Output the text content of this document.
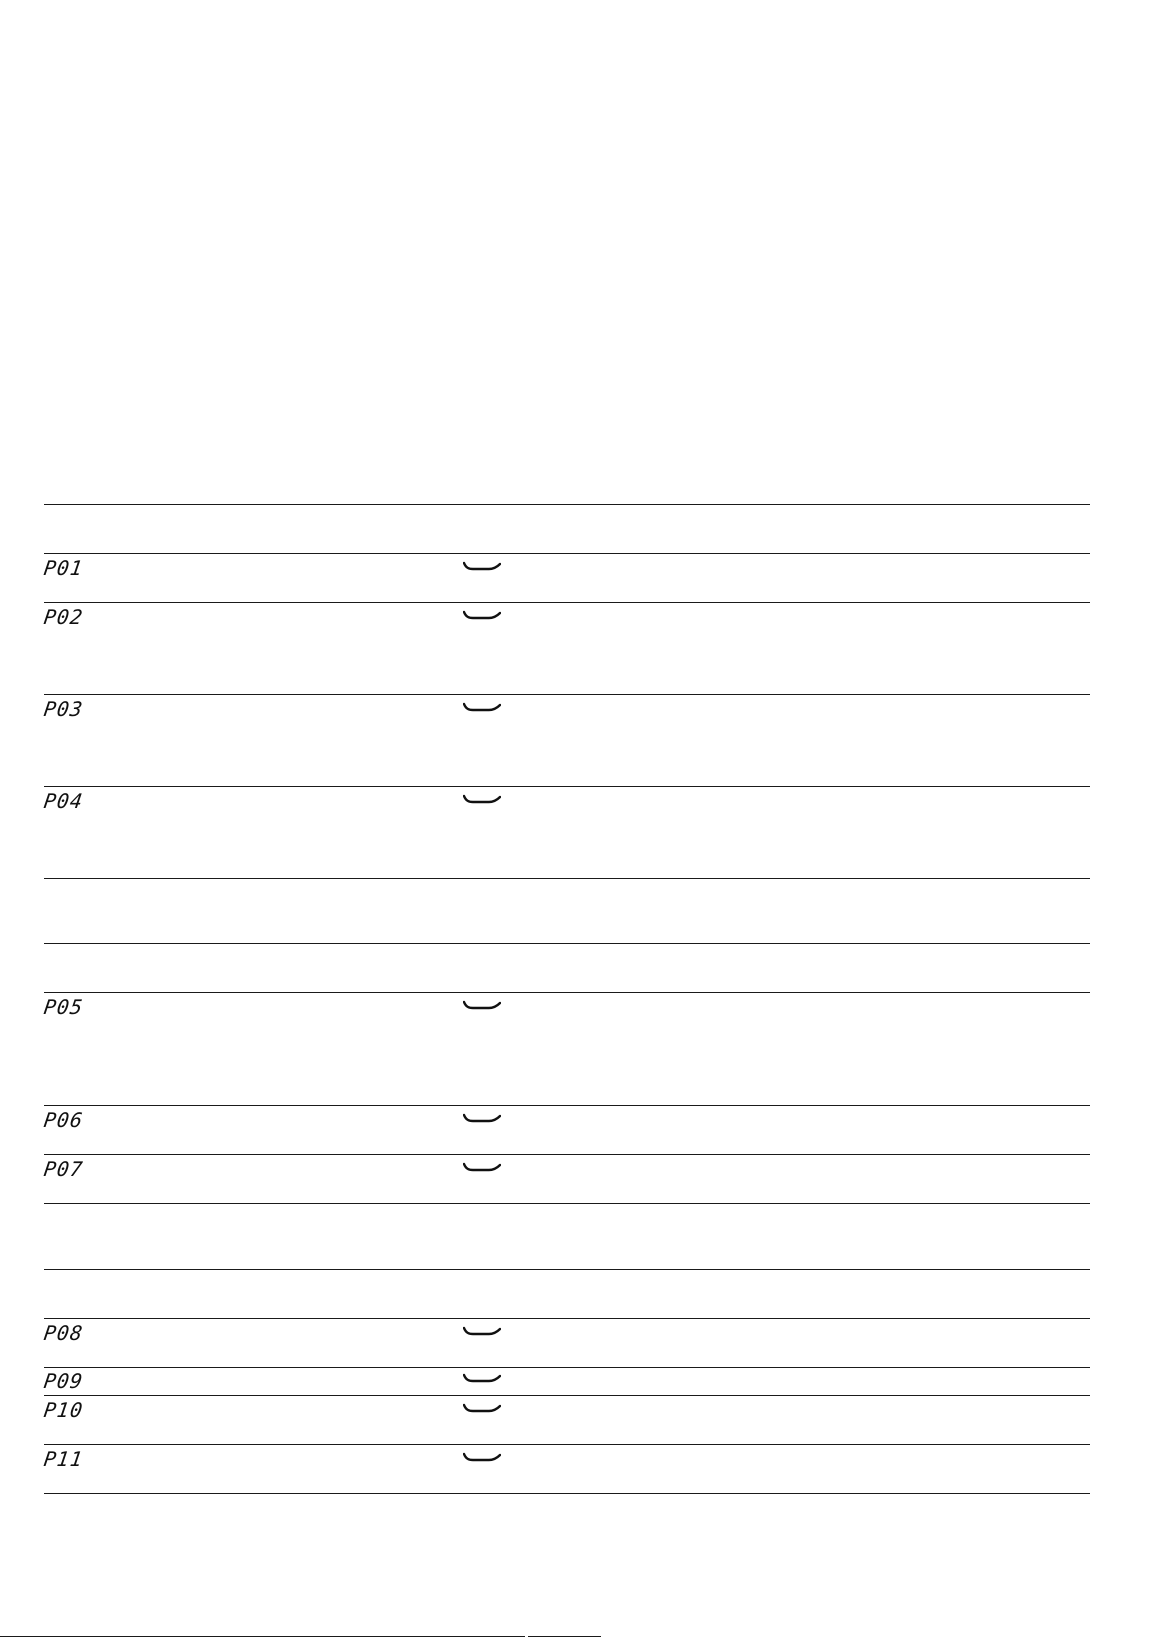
P01
P02
P03
P04
P05
P06
P07
P08
P09
P10
P11
